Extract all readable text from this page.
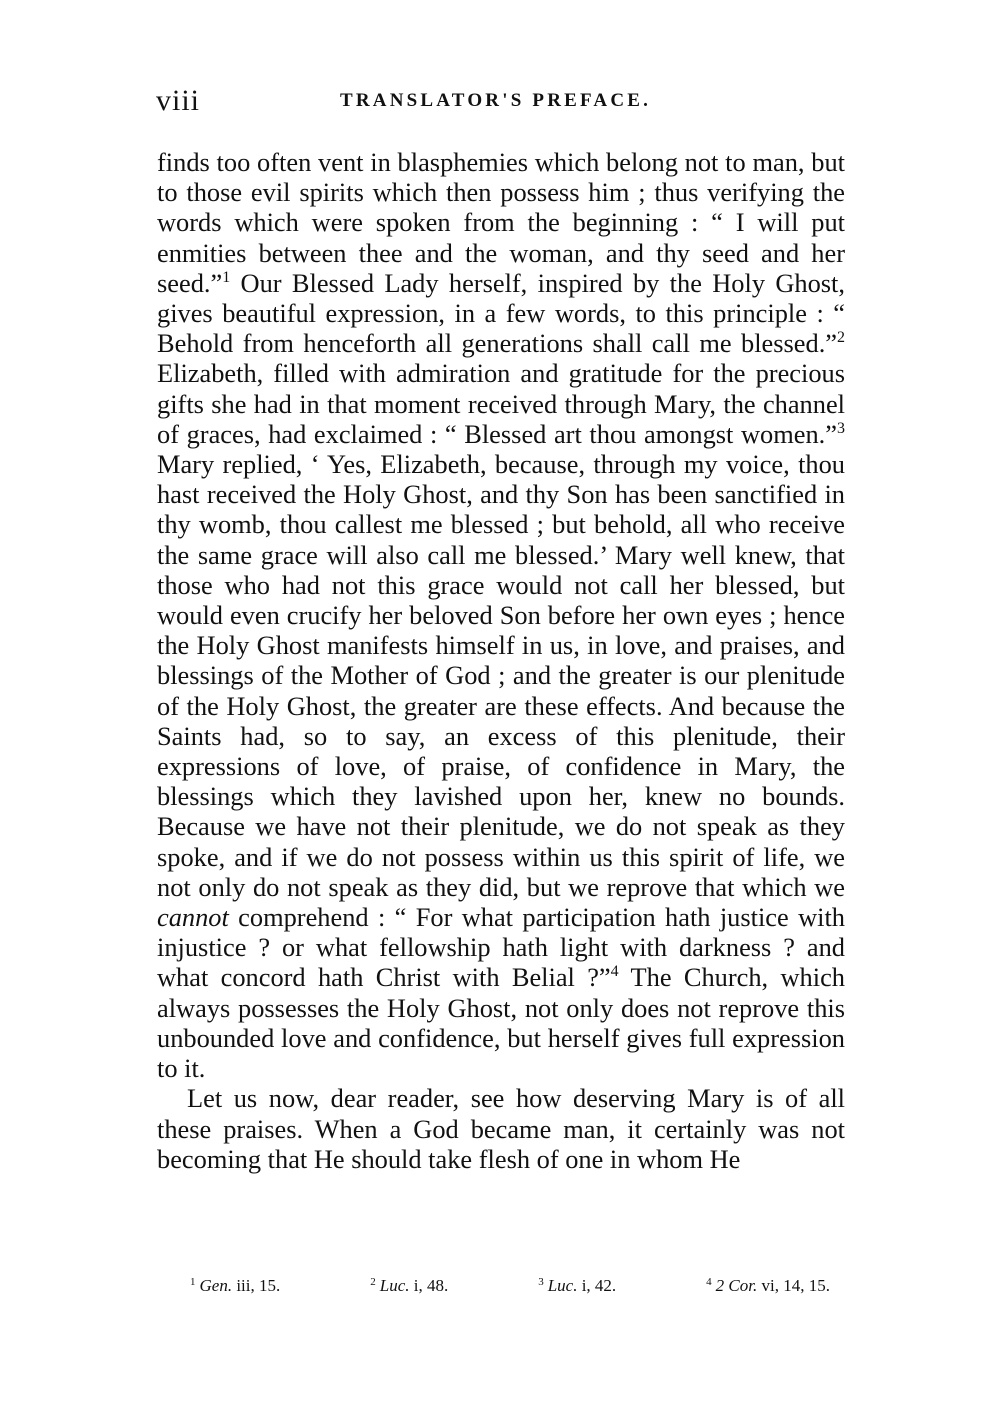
viii	TRANSLATOR'S PREFACE.

finds too often vent in blasphemies which belong not to man, but to those evil spirits which then possess him ; thus verifying the words which were spoken from the beginning : “ I will put enmities between thee and the woman, and thy seed and her seed.”$^1$ Our Blessed Lady herself, inspired by the Holy Ghost, gives beautiful expression, in a few words, to this principle : “ Behold from henceforth all generations shall call me blessed.”$^2$ Elizabeth, filled with admiration and gratitude for the precious gifts she had in that moment received through Mary, the channel of graces, had exclaimed : “ Blessed art thou amongst women.”$^3$ Mary replied, ‘ Yes, Elizabeth, because, through my voice, thou hast received the Holy Ghost, and thy Son has been sanctified in thy womb, thou callest me blessed ; but behold, all who receive the same grace will also call me blessed.’ Mary well knew, that those who had not this grace would not call her blessed, but would even crucify her beloved Son before her own eyes ; hence the Holy Ghost manifests himself in us, in love, and praises, and blessings of the Mother of God ; and the greater is our plenitude of the Holy Ghost, the greater are these effects. And because the Saints had, so to say, an excess of this plenitude, their expressions of love, of praise, of confidence in Mary, the blessings which they lavished upon her, knew no bounds. Because we have not their plenitude, we do not speak as they spoke, and if we do not possess within us this spirit of life, we not only do not speak as they did, but we reprove that which we cannot comprehend : “ For what participation hath justice with injustice ? or what fellowship hath light with darkness ? and what concord hath Christ with Belial ?”$^4$ The Church, which always possesses the Holy Ghost, not only does not reprove this unbounded love and confidence, but herself gives full expression to it.

Let us now, dear reader, see how deserving Mary is of all these praises. When a God became man, it certainly was not becoming that He should take flesh of one in whom He

$^1$ Gen. iii, 15.	$^2$ Luc. i, 48.	$^3$ Luc. i, 42.	$^4$ 2 Cor. vi, 14, 15.
